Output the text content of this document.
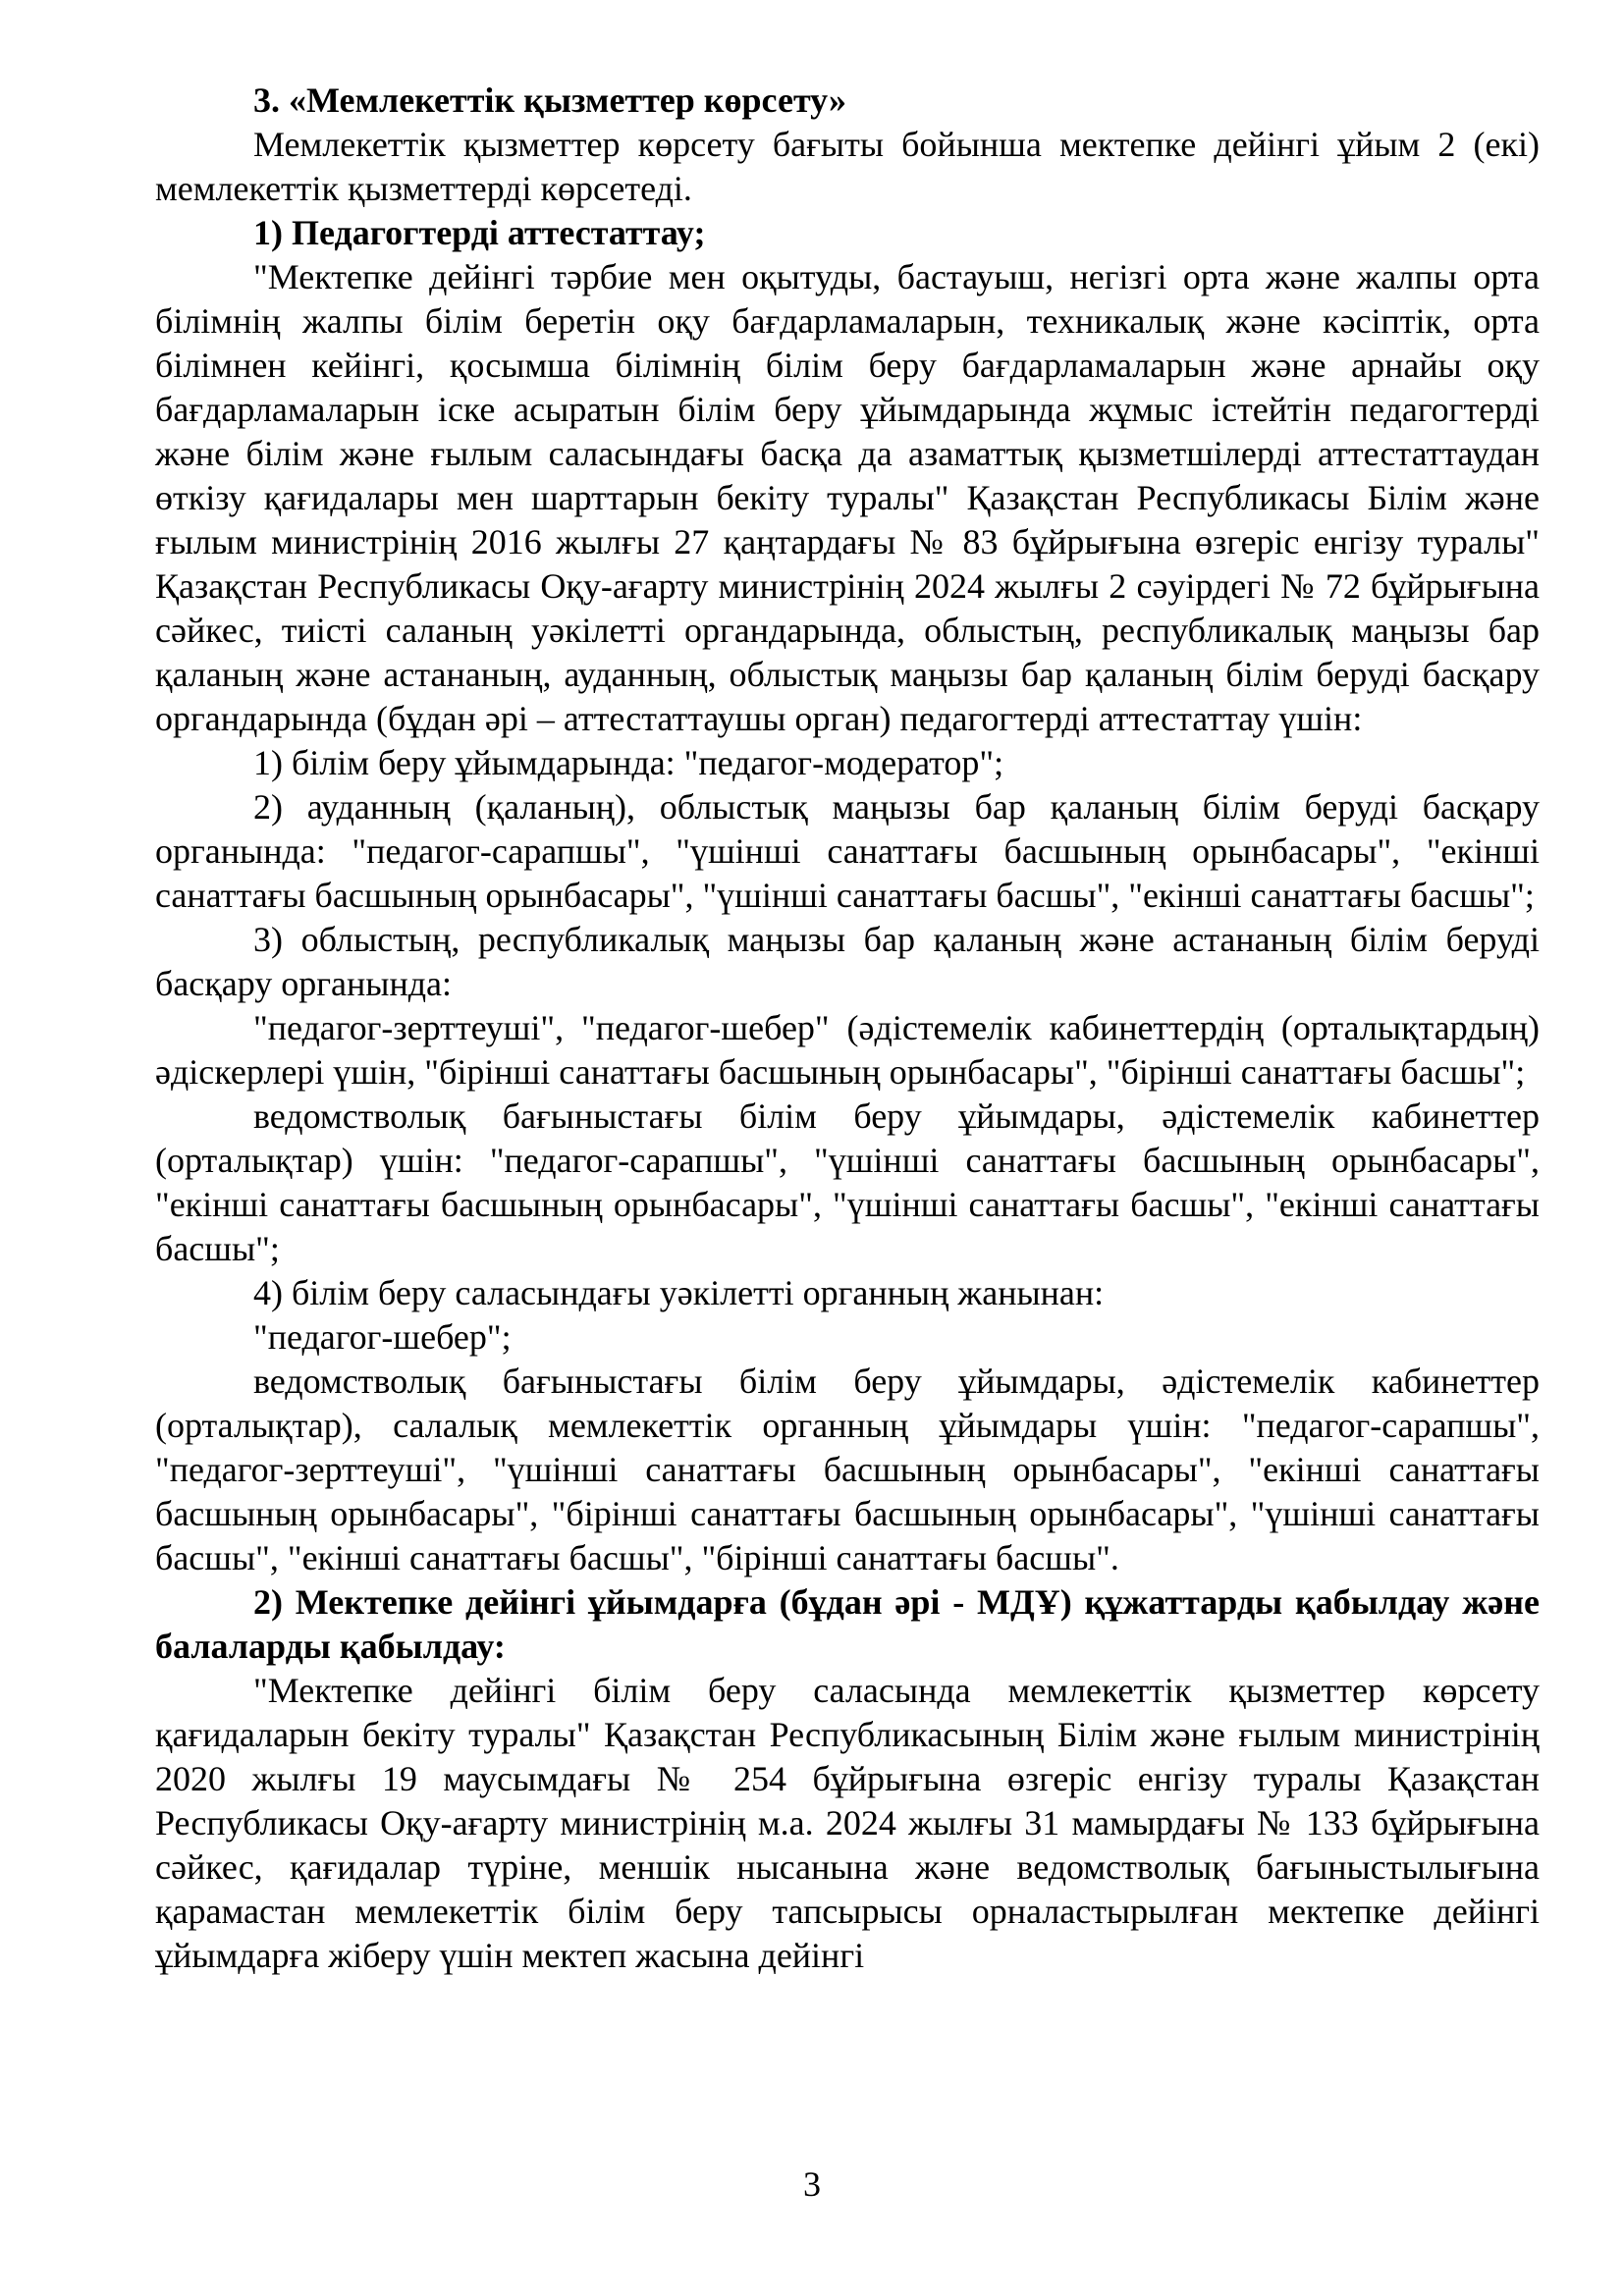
3. «Мемлекеттік қызметтер көрсету»

Мемлекеттік қызметтер көрсету бағыты бойынша мектепке дейінгі ұйым 2 (екі) мемлекеттік қызметтерді көрсетеді.

1) Педагогтерді аттестаттау;

"Мектепке дейінгі тәрбие мен оқытуды, бастауыш, негізгі орта және жалпы орта білімнің жалпы білім беретін оқу бағдарламаларын, техникалық және кәсіптік, орта білімнен кейінгі, қосымша білімнің білім беру бағдарламаларын және арнайы оқу бағдарламаларын іске асыратын білім беру ұйымдарында жұмыс істейтін педагогтерді және білім және ғылым саласындағы басқа да азаматтық қызметшілерді аттестаттаудан өткізу қағидалары мен шарттарын бекіту туралы" Қазақстан Республикасы Білім және ғылым министрінің 2016 жылғы 27 қаңтардағы № 83 бұйрығына өзгеріс енгізу туралы" Қазақстан Республикасы Оқу-ағарту министрінің 2024 жылғы 2 сәуірдегі № 72 бұйрығына сәйкес, тиісті саланың уәкілетті органдарында, облыстың, республикалық маңызы бар қаланың және астананың, ауданның, облыстық маңызы бар қаланың білім беруді басқару органдарында (бұдан әрі – аттестаттаушы орган) педагогтерді аттестаттау үшін:

1) білім беру ұйымдарында: "педагог-модератор";

2) ауданның (қаланың), облыстық маңызы бар қаланың білім беруді басқару органында: "педагог-сарапшы", "үшінші санаттағы басшының орынбасары", "екінші санаттағы басшының орынбасары", "үшінші санаттағы басшы", "екінші санаттағы басшы";

3) облыстың, республикалық маңызы бар қаланың және астананың білім беруді басқару органында:

"педагог-зерттеуші", "педагог-шебер" (әдістемелік кабинеттердің (орталықтардың) әдіскерлері үшін, "бірінші санаттағы басшының орынбасары", "бірінші санаттағы басшы";

ведомстволық бағыныстағы білім беру ұйымдары, әдістемелік кабинеттер (орталықтар) үшін: "педагог-сарапшы", "үшінші санаттағы басшының орынбасары", "екінші санаттағы басшының орынбасары", "үшінші санаттағы басшы", "екінші санаттағы басшы";

4) білім беру саласындағы уәкілетті органның жанынан:

"педагог-шебер";

ведомстволық бағыныстағы білім беру ұйымдары, әдістемелік кабинеттер (орталықтар), салалық мемлекеттік органның ұйымдары үшін: "педагог-сарапшы", "педагог-зерттеуші", "үшінші санаттағы басшының орынбасары", "екінші санаттағы басшының орынбасары", "бірінші санаттағы басшының орынбасары", "үшінші санаттағы басшы", "екінші санаттағы басшы", "бірінші санаттағы басшы".

2) Мектепке дейінгі ұйымдарға (бұдан әрі - МДҰ) құжаттарды қабылдау және балаларды қабылдау:

"Мектепке дейінгі білім беру саласында мемлекеттік қызметтер көрсету қағидаларын бекіту туралы" Қазақстан Республикасының Білім және ғылым министрінің 2020 жылғы 19 маусымдағы № 254 бұйрығына өзгеріс енгізу туралы Қазақстан Республикасы Оқу-ағарту министрінің м.а. 2024 жылғы 31 мамырдағы № 133 бұйрығына сәйкес, қағидалар түріне, меншік нысанына және ведомстволық бағыныстылығына қарамастан мемлекеттік білім беру тапсырысы орналастырылған мектепке дейінгі ұйымдарға жіберу үшін мектеп жасына дейінгі

3
